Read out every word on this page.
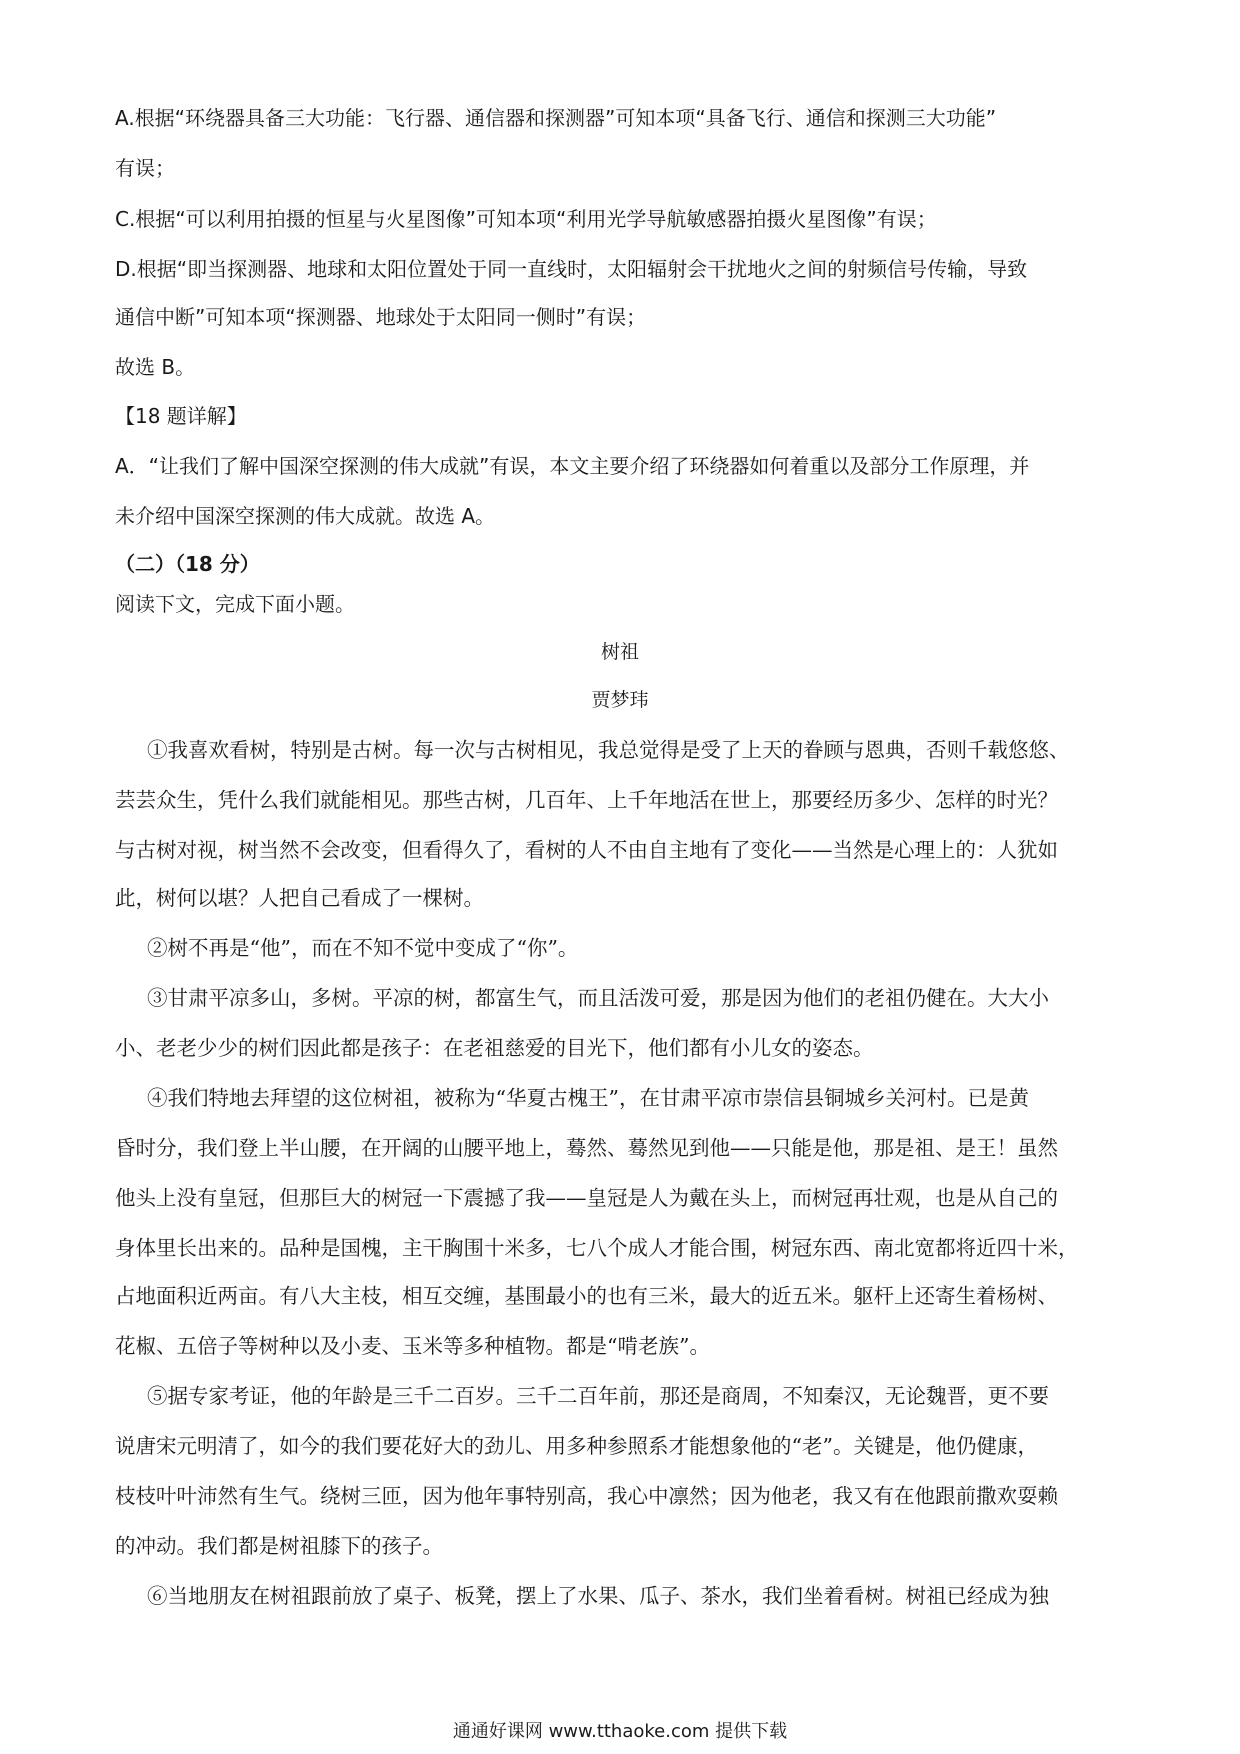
A.根据“环绕器具备三大功能：飞行器、通信器和探测器”可知本项“具备飞行、通信和探测三大功能”
有误；
C.根据“可以利用拍摄的恒星与火星图像”可知本项“利用光学导航敏感器拍摄火星图像”有误；
D.根据“即当探测器、地球和太阳位置处于同一直线时，太阳辐射会干扰地火之间的射频信号传输，导致
通信中断”可知本项“探测器、地球处于太阳同一侧时”有误；
故选 B。
【18 题详解】
A．“让我们了解中国深空探测的伟大成就”有误，本文主要介绍了环绕器如何着重以及部分工作原理，并
未介绍中国深空探测的伟大成就。故选 A。
（二）（18 分）
阅读下文，完成下面小题。
树祖
贾梦玮
①我喜欢看树，特别是古树。每一次与古树相见，我总觉得是受了上天的眷顾与恩典，否则千载悠悠、
芸芸众生，凭什么我们就能相见。那些古树，几百年、上千年地活在世上，那要经历多少、怎样的时光？
与古树对视，树当然不会改变，但看得久了，看树的人不由自主地有了变化——当然是心理上的：人犹如
此，树何以堪？人把自己看成了一棵树。
②树不再是“他”，而在不知不觉中变成了“你”。
③甘肃平凉多山，多树。平凉的树，都富生气，而且活泼可爱，那是因为他们的老祖仍健在。大大小
小、老老少少的树们因此都是孩子：在老祖慈爱的目光下，他们都有小儿女的姿态。
④我们特地去拜望的这位树祖，被称为“华夏古槐王”，在甘肃平凉市崇信县铜城乡关河村。已是黄
昏时分，我们登上半山腰，在开阔的山腰平地上，蓦然、蓦然见到他——只能是他，那是祖、是王！虽然
他头上没有皇冠，但那巨大的树冠一下震撼了我——皇冠是人为戴在头上，而树冠再壮观，也是从自己的
身体里长出来的。品种是国槐，主干胸围十米多，七八个成人才能合围，树冠东西、南北宽都将近四十米，
占地面积近两亩。有八大主枝，相互交缠，基围最小的也有三米，最大的近五米。躯杆上还寄生着杨树、
花椒、五倍子等树种以及小麦、玉米等多种植物。都是“啃老族”。
⑤据专家考证，他的年龄是三千二百岁。三千二百年前，那还是商周，不知秦汉，无论魏晋，更不要
说唐宋元明清了，如今的我们要花好大的劲儿、用多种参照系才能想象他的“老”。关键是，他仍健康，
枝枝叶叶沛然有生气。绕树三匝，因为他年事特别高，我心中凛然；因为他老，我又有在他跟前撒欢耍赖
的冲动。我们都是树祖膝下的孩子。
⑥当地朋友在树祖跟前放了桌子、板凳，摆上了水果、瓜子、茶水，我们坐着看树。树祖已经成为独
通通好课网 www.tthaoke.com 提供下载
